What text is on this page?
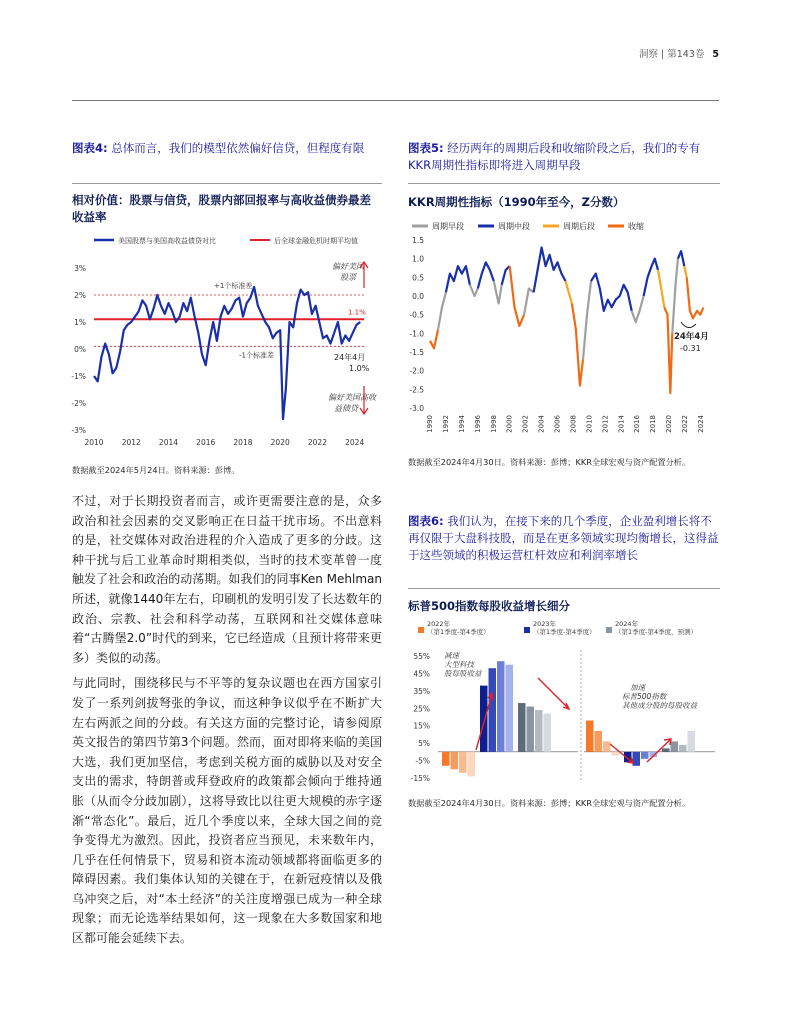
洞察 | 第143卷 5
图表4: 总体而言，我们的模型依然偏好信贷，但程度有限
相对价值：股票与信贷，股票内部回报率与高收益债券最差收益率
美国股票与美国高收益债贷对比	后全球金融危机时期平均值
3%
2%
1%
0%
-1%
-2%
-3%
2010 2012 2014 2016 2018 2020 2022 2024
+1个标准差
-1个标准差
1.1%
24年4月
1.0%
偏好美国股票
偏好美国高收益债贷
数据截至2024年5月24日。资料来源：彭博。

不过，对于长期投资者而言，或许更需要注意的是，众多政治和社会因素的交叉影响正在日益干扰市场。不出意料的是，社交媒体对政治进程的介入造成了更多的分歧。这种干扰与后工业革命时期相类似，当时的技术变革曾一度触发了社会和政治的动荡期。如我们的同事Ken Mehlman所述，就像1440年左右，印刷机的发明引发了长达数年的政治、宗教、社会和科学动荡，互联网和社交媒体意味着“古腾堡2.0”时代的到来，它已经造成（且预计将带来更多）类似的动荡。

与此同时，围绕移民与不平等的复杂议题也在西方国家引发了一系列剑拔弩张的争议，而这种争议似乎在不断扩大左右两派之间的分歧。有关这方面的完整讨论，请参阅原英文报告的第四节第3个问题。然而，面对即将来临的美国大选，我们更加坚信，考虑到关税方面的威胁以及对安全支出的需求，特朗普或拜登政府的政策都会倾向于维持通胀（从而令分歧加剧），这将导致比以往更大规模的赤字逐渐“常态化”。最后，近几个季度以来，全球大国之间的竞争变得尤为激烈。因此，投资者应当预见，未来数年内，几乎在任何情景下，贸易和资本流动领域都将面临更多的障碍因素。我们集体认知的关键在于，在新冠疫情以及俄乌冲突之后，对“本土经济”的关注度增强已成为一种全球现象；而无论选举结果如何，这一现象在大多数国家和地区都可能会延续下去。

图表5: 经历两年的周期后段和收缩阶段之后，我们的专有KKR周期性指标即将进入周期早段
KKR周期性指标（1990年至今，Z分数）
周期早段	周期中段	周期后段	收缩
1.5
1.0
0.5
0.0
-0.5
-1.0
-1.5
-2.0
-2.5
-3.0
1990 1992 1994 1996 1998 2000 2002 2004 2006 2008 2010 2012 2014 2016 2018 2020 2022 2024
24年4月
-0.31
数据截至2024年4月30日。资料来源：彭博；KKR全球宏观与资产配置分析。
图表6: 我们认为，在接下来的几个季度，企业盈利增长将不再仅限于大盘科技股，而是在更多领域实现均衡增长，这得益于这些领域的积极运营杠杆效应和利润率增长
标普500指数每股收益增长细分
2022年（第1季度-第4季度）
2023年（第1季度-第4季度）
2024年（第1季度-第4季度，预测）
55%
45%
35%
25%
15%
5%
-5%
-15%
减速大型科技股每股收益
加速标普500指数其他成分股的每股收益
数据截至2024年4月30日。资料来源：彭博；KKR全球宏观与资产配置分析。
